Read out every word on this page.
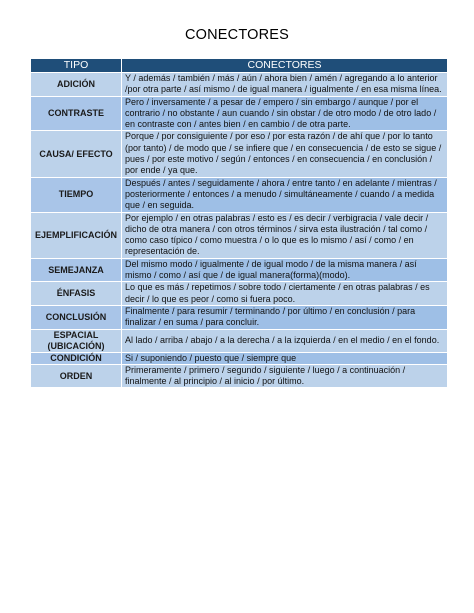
CONECTORES
TIPO	CONECTORES
ADICIÓN	Y / además / también / más / aún / ahora bien / amén / agregando a lo anterior /por otra parte / así mismo / de igual manera / igualmente / en esa misma línea.
CONTRASTE	Pero / inversamente / a pesar de / empero / sin embargo / aunque / por el contrario / no obstante / aun cuando / sin obstar / de otro modo / de otro lado / en contraste con / antes bien / en cambio / de otra parte.
CAUSA/ EFECTO	Porque / por consiguiente / por eso / por esta razón / de ahí que / por lo tanto (por tanto) / de modo que / se infiere que / en consecuencia / de esto se sigue / pues / por este motivo / según / entonces / en consecuencia / en conclusión / por ende / ya que.
TIEMPO	Después / antes / seguidamente / ahora / entre tanto / en adelante / mientras / posteriormente / entonces / a menudo / simultáneamente / cuando / a medida que / en seguida.
EJEMPLIFICACIÓN	Por ejemplo / en otras palabras / esto es / es decir / verbigracia / vale decir / dicho de otra manera / con otros términos / sirva esta ilustración / tal como / como caso típico / como muestra / o lo que es lo mismo / así / como / en representación de.
SEMEJANZA	Del mismo modo / igualmente / de igual modo / de la misma manera / así mismo / como / así que / de igual manera(forma)(modo).
ÉNFASIS	Lo que es más / repetimos / sobre todo / ciertamente / en otras palabras / es decir / lo que es peor / como si fuera poco.
CONCLUSIÓN	Finalmente / para resumir / terminando / por último / en conclusión / para finalizar / en suma / para concluir.
ESPACIAL (UBICACIÓN)	Al lado / arriba / abajo / a la derecha / a la izquierda / en el medio / en el fondo.
CONDICIÓN	Si / suponiendo / puesto que / siempre que
ORDEN	Primeramente / primero / segundo / siguiente / luego / a continuación / finalmente / al principio / al inicio / por último.
